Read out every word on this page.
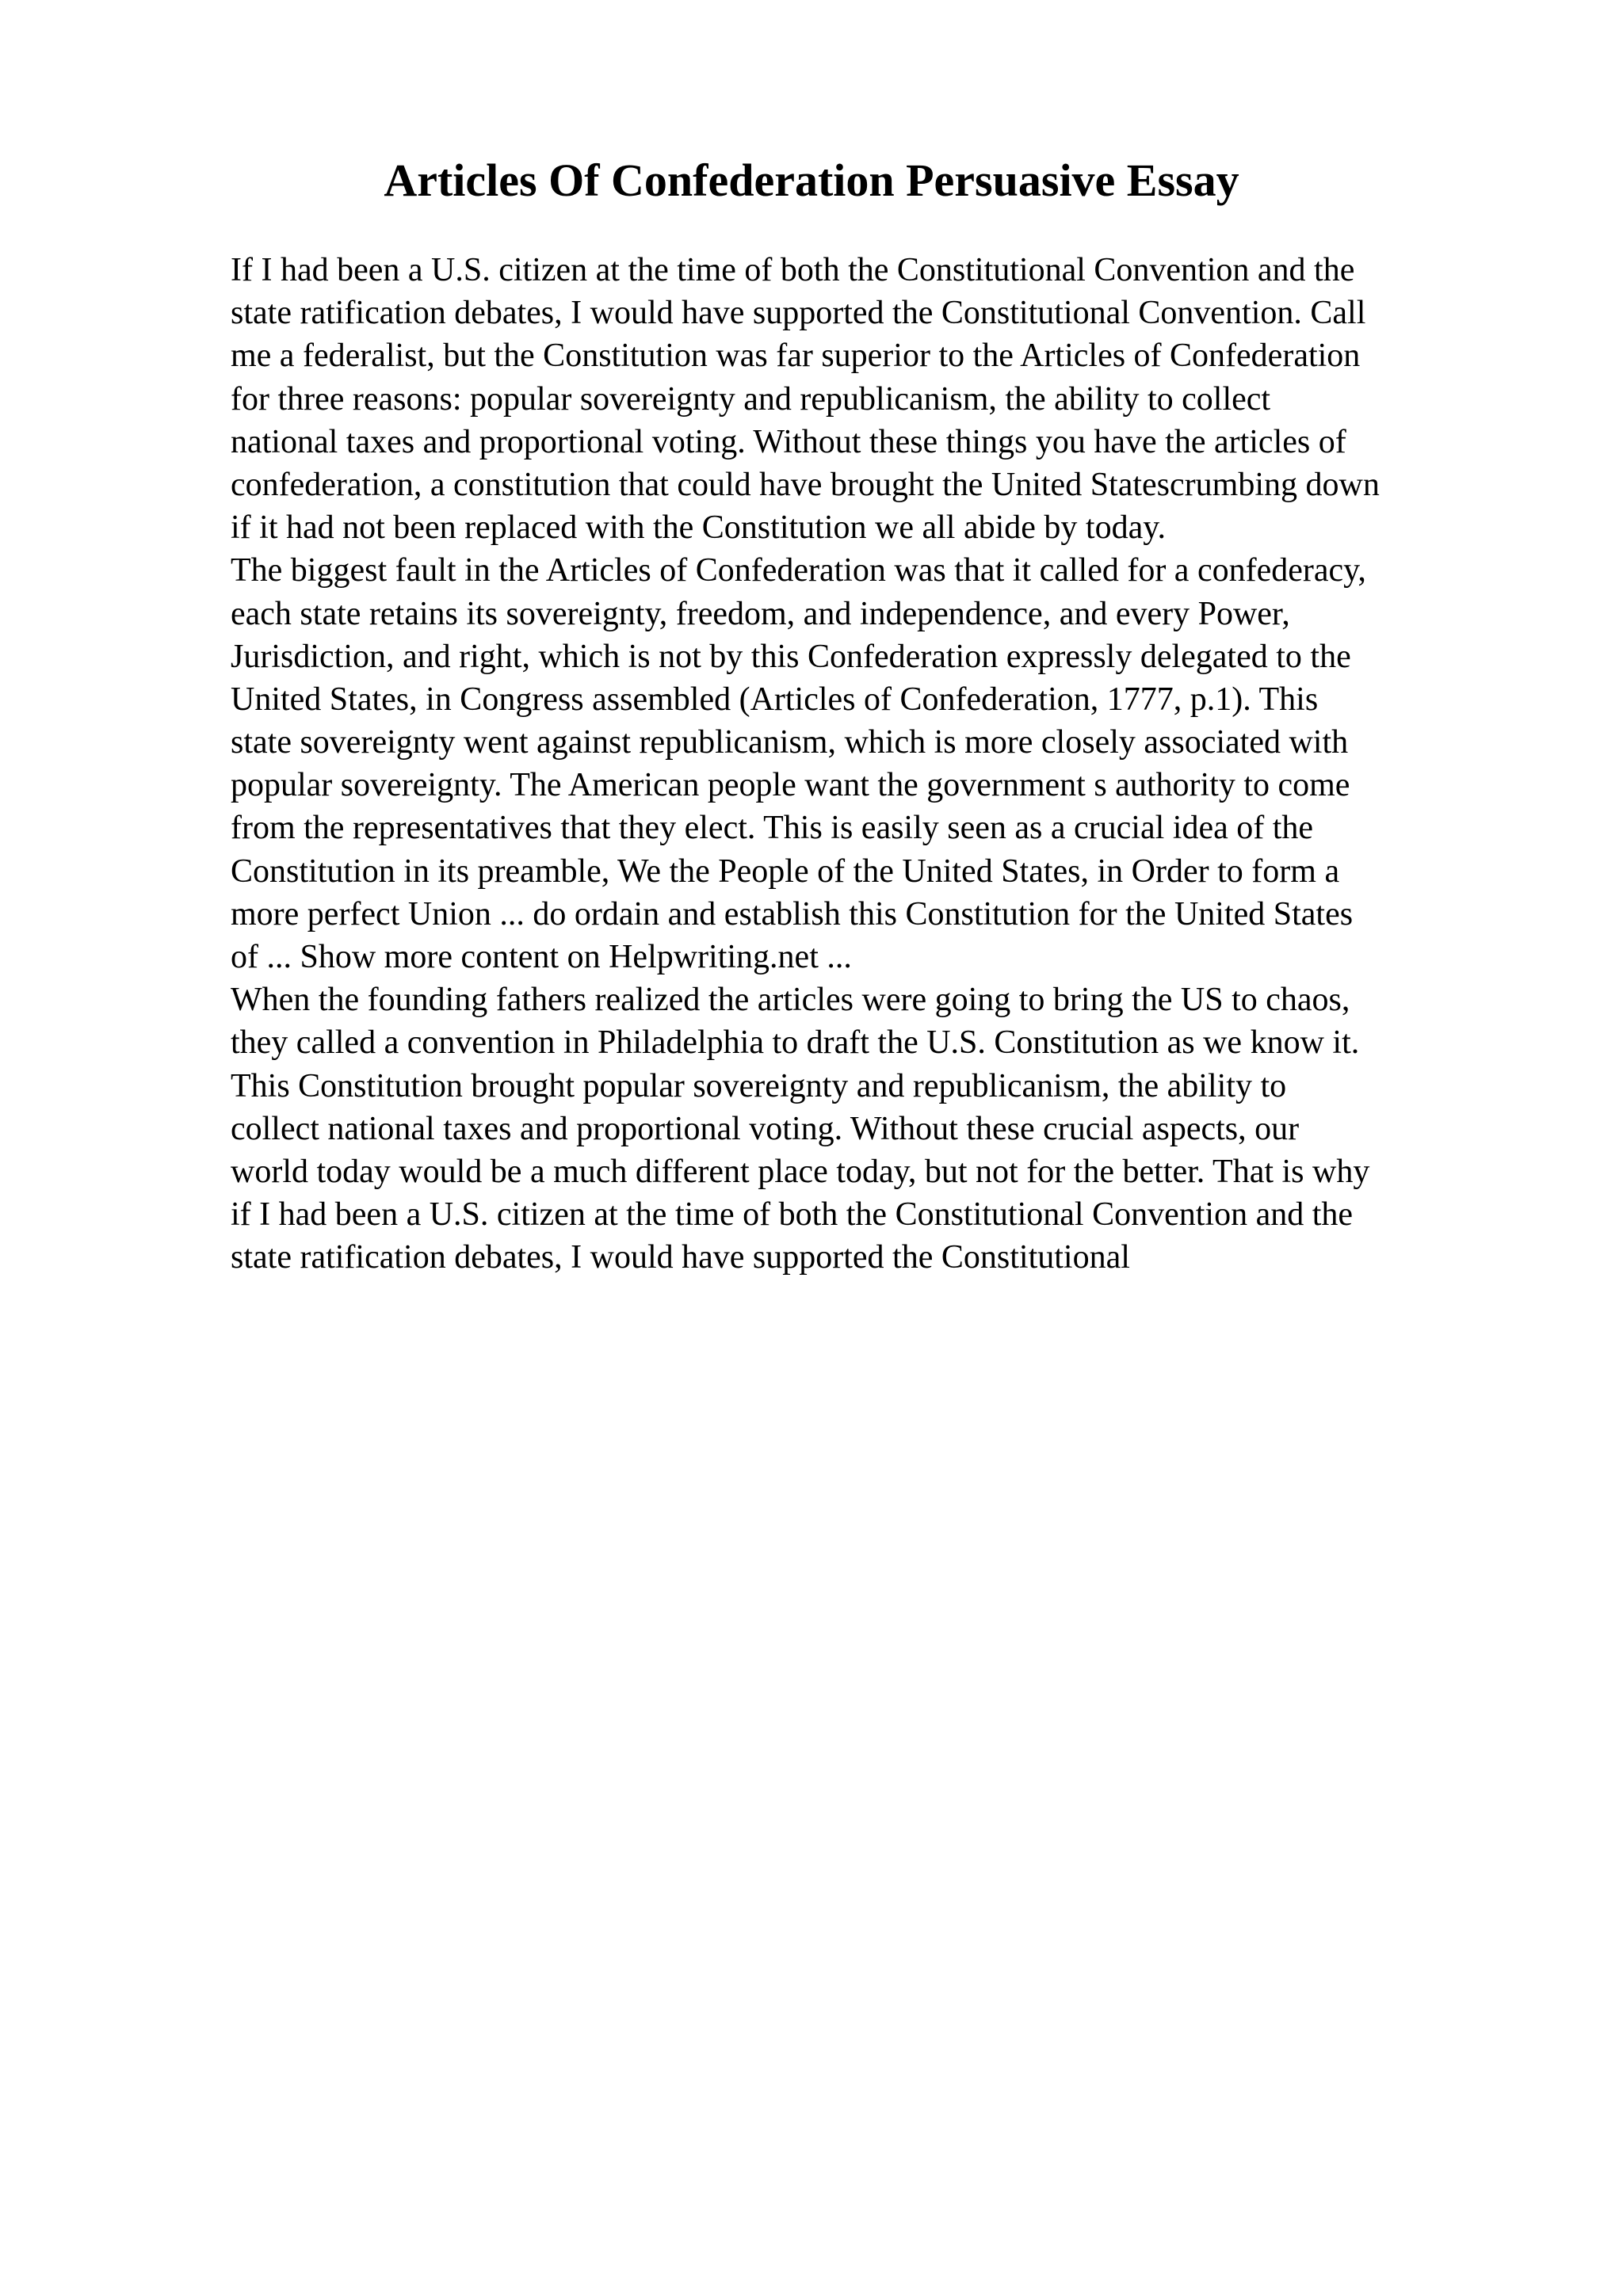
Articles Of Confederation Persuasive Essay

If I had been a U.S. citizen at the time of both the Constitutional Convention and the

state ratification debates, I would have supported the Constitutional Convention. Call

me a federalist, but the Constitution was far superior to the Articles of Confederation

for three reasons: popular sovereignty and republicanism, the ability to collect

national taxes and proportional voting. Without these things you have the articles of

confederation, a constitution that could have brought the United Statescrumbing down

if it had not been replaced with the Constitution we all abide by today.

The biggest fault in the Articles of Confederation was that it called for a confederacy,

each state retains its sovereignty, freedom, and independence, and every Power,

Jurisdiction, and right, which is not by this Confederation expressly delegated to the

United States, in Congress assembled (Articles of Confederation, 1777, p.1). This

state sovereignty went against republicanism, which is more closely associated with

popular sovereignty. The American people want the government s authority to come

from the representatives that they elect. This is easily seen as a crucial idea of the

Constitution in its preamble, We the People of the United States, in Order to form a

more perfect Union ... do ordain and establish this Constitution for the United States

of ... Show more content on Helpwriting.net ...

When the founding fathers realized the articles were going to bring the US to chaos,

they called a convention in Philadelphia to draft the U.S. Constitution as we know it.

This Constitution brought popular sovereignty and republicanism, the ability to

collect national taxes and proportional voting. Without these crucial aspects, our

world today would be a much different place today, but not for the better. That is why

if I had been a U.S. citizen at the time of both the Constitutional Convention and the

state ratification debates, I would have supported the Constitutional
